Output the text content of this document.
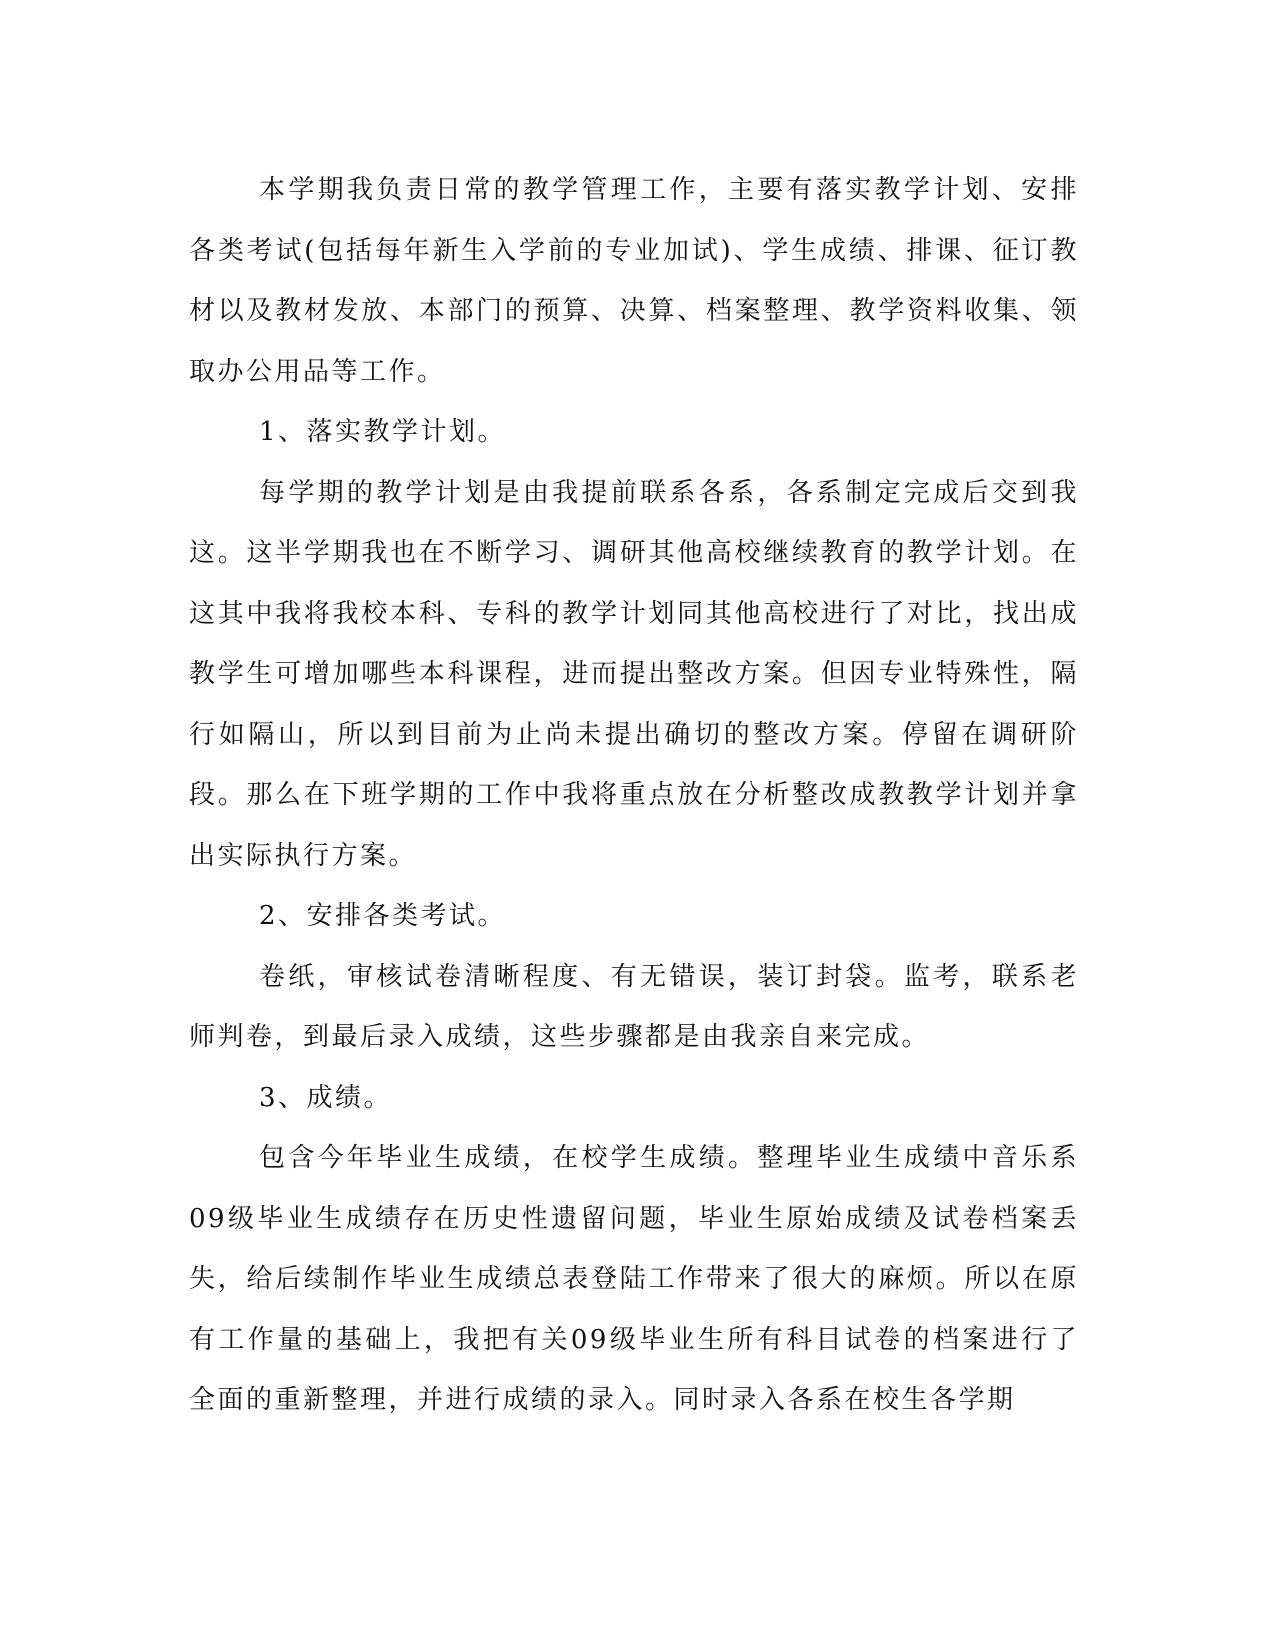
本学期我负责日常的教学管理工作，主要有落实教学计划、安排各类考试(包括每年新生入学前的专业加试)、学生成绩、排课、征订教材以及教材发放、本部门的预算、决算、档案整理、教学资料收集、领取办公用品等工作。

1、落实教学计划。

每学期的教学计划是由我提前联系各系，各系制定完成后交到我这。这半学期我也在不断学习、调研其他高校继续教育的教学计划。在这其中我将我校本科、专科的教学计划同其他高校进行了对比，找出成教学生可增加哪些本科课程，进而提出整改方案。但因专业特殊性，隔行如隔山，所以到目前为止尚未提出确切的整改方案。停留在调研阶段。那么在下班学期的工作中我将重点放在分析整改成教教学计划并拿出实际执行方案。

2、安排各类考试。

卷纸，审核试卷清晰程度、有无错误，装订封袋。监考，联系老师判卷，到最后录入成绩，这些步骤都是由我亲自来完成。

3、成绩。

包含今年毕业生成绩，在校学生成绩。整理毕业生成绩中音乐系09级毕业生成绩存在历史性遗留问题，毕业生原始成绩及试卷档案丢失，给后续制作毕业生成绩总表登陆工作带来了很大的麻烦。所以在原有工作量的基础上，我把有关09级毕业生所有科目试卷的档案进行了全面的重新整理，并进行成绩的录入。同时录入各系在校生各学期
